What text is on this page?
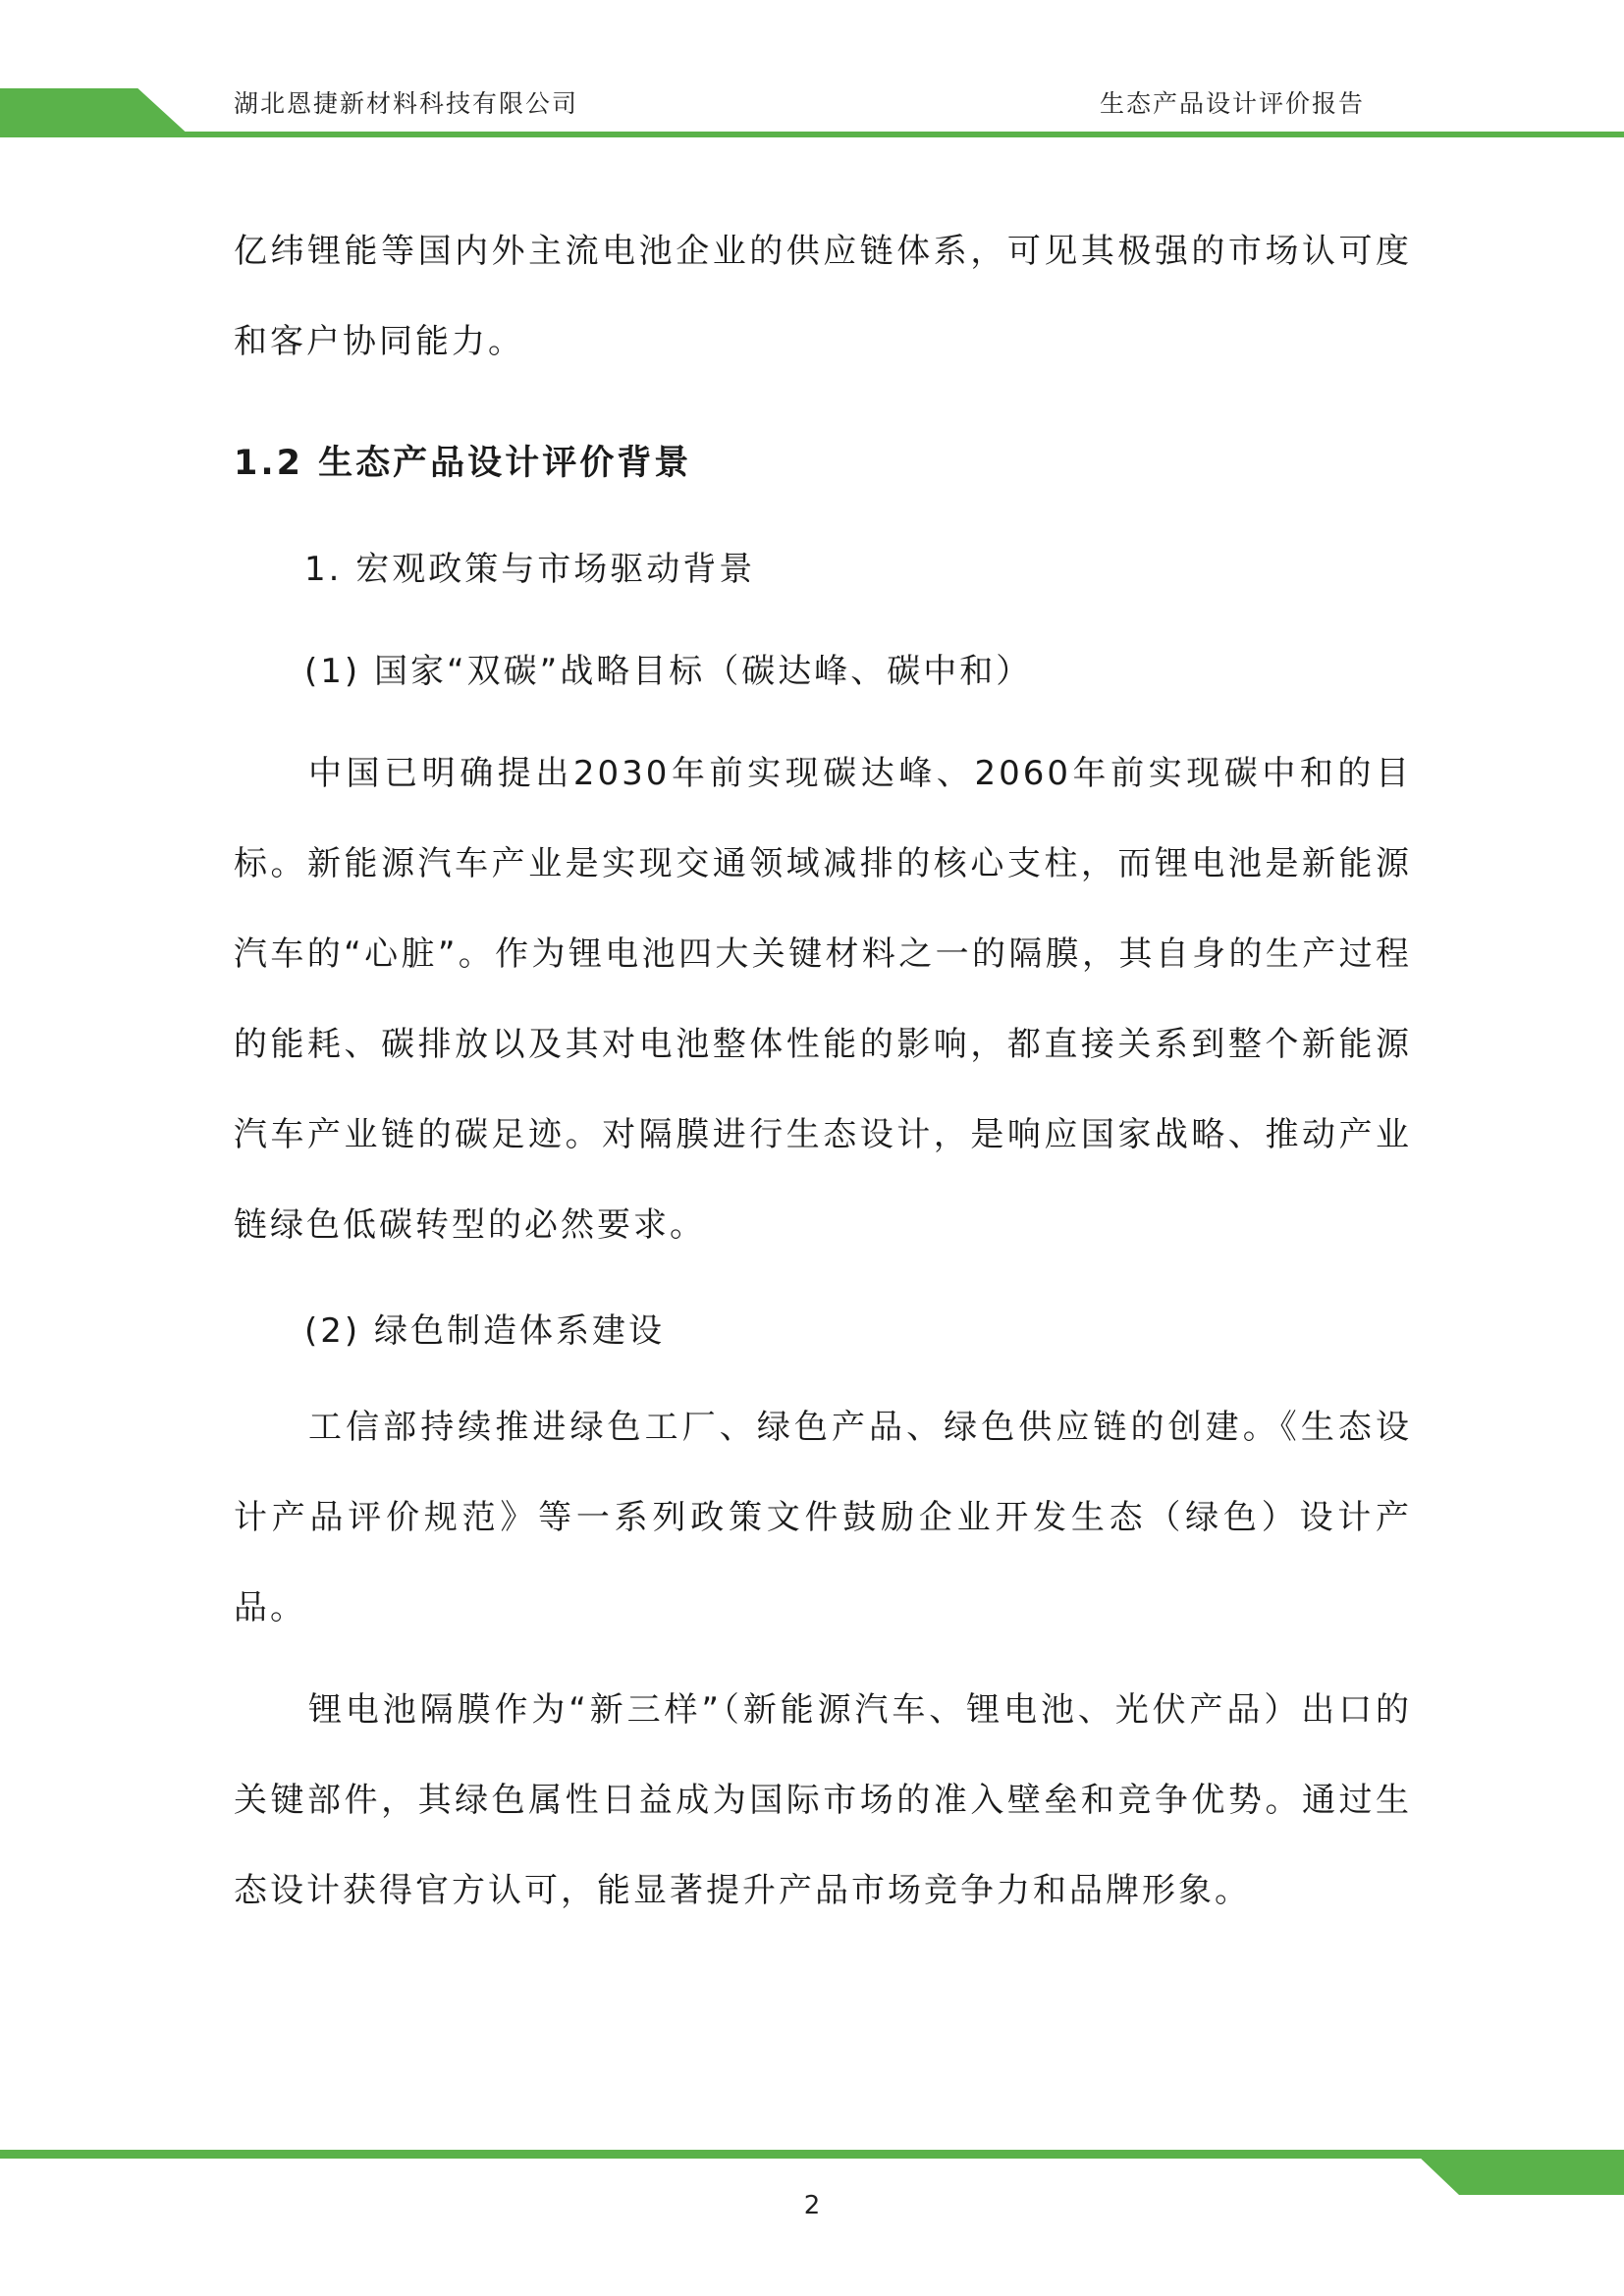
湖北恩捷新材料科技有限公司	生态产品设计评价报告

亿纬锂能等国内外主流电池企业的供应链体系，可见其极强的市场认可度和客户协同能力。

1.2 生态产品设计评价背景

1. 宏观政策与市场驱动背景

(1) 国家“双碳”战略目标（碳达峰、碳中和）

中国已明确提出2030年前实现碳达峰、2060年前实现碳中和的目标。新能源汽车产业是实现交通领域减排的核心支柱，而锂电池是新能源汽车的“心脏”。作为锂电池四大关键材料之一的隔膜，其自身的生产过程的能耗、碳排放以及其对电池整体性能的影响，都直接关系到整个新能源汽车产业链的碳足迹。对隔膜进行生态设计，是响应国家战略、推动产业链绿色低碳转型的必然要求。

(2) 绿色制造体系建设

工信部持续推进绿色工厂、绿色产品、绿色供应链的创建。《生态设计产品评价规范》等一系列政策文件鼓励企业开发生态（绿色）设计产品。

锂电池隔膜作为“新三样”（新能源汽车、锂电池、光伏产品）出口的关键部件，其绿色属性日益成为国际市场的准入壁垒和竞争优势。通过生态设计获得官方认可，能显著提升产品市场竞争力和品牌形象。

2
